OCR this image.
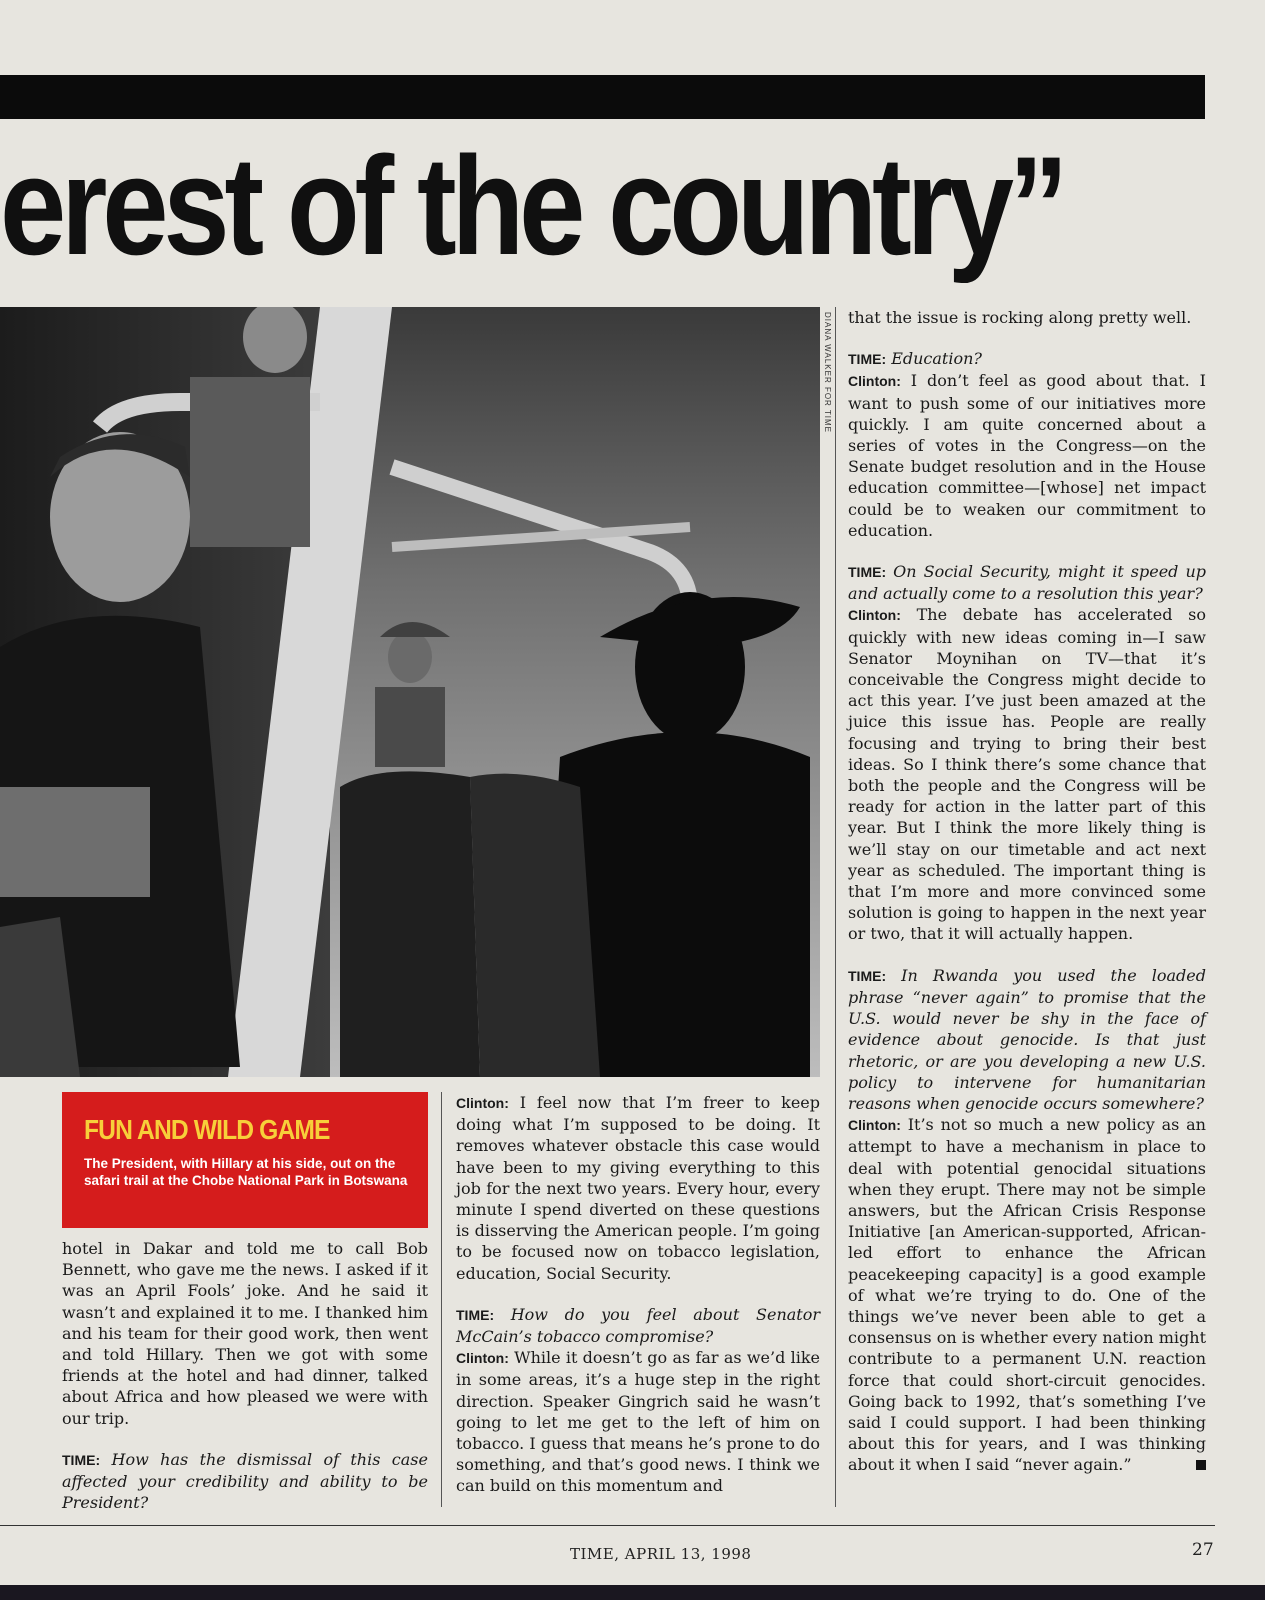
erest of the country”
DIANA WALKER FOR TIME
FUN AND WILD GAME
The President, with Hillary at his side, out on the safari trail at the Chobe National Park in Botswana

hotel in Dakar and told me to call Bob Bennett, who gave me the news. I asked if it was an April Fools’ joke. And he said it wasn’t and explained it to me. I thanked him and his team for their good work, then went and told Hillary. Then we got with some friends at the hotel and had dinner, talked about Africa and how pleased we were with our trip.

TIME: How has the dismissal of this case affected your credibility and ability to be President?

Clinton: I feel now that I’m freer to keep doing what I’m supposed to be doing. It removes whatever obstacle this case would have been to my giving everything to this job for the next two years. Every hour, every minute I spend diverted on these questions is disserving the American people. I’m going to be focused now on tobacco legislation, education, Social Security.

TIME: How do you feel about Senator McCain’s tobacco compromise?

Clinton: While it doesn’t go as far as we’d like in some areas, it’s a huge step in the right direction. Speaker Gingrich said he wasn’t going to let me get to the left of him on tobacco. I guess that means he’s prone to do something, and that’s good news. I think we can build on this momentum and

that the issue is rocking along pretty well.

TIME: Education?

Clinton: I don’t feel as good about that. I want to push some of our initiatives more quickly. I am quite concerned about a series of votes in the Congress—on the Senate budget resolution and in the House education committee—[whose] net impact could be to weaken our commitment to education.

TIME: On Social Security, might it speed up and actually come to a resolution this year?

Clinton: The debate has accelerated so quickly with new ideas coming in—I saw Senator Moynihan on TV—that it’s conceivable the Congress might decide to act this year. I’ve just been amazed at the juice this issue has. People are really focusing and trying to bring their best ideas. So I think there’s some chance that both the people and the Congress will be ready for action in the latter part of this year. But I think the more likely thing is we’ll stay on our timetable and act next year as scheduled. The important thing is that I’m more and more convinced some solution is going to happen in the next year or two, that it will actually happen.

TIME: In Rwanda you used the loaded phrase “never again” to promise that the U.S. would never be shy in the face of evidence about genocide. Is that just rhetoric, or are you developing a new U.S. policy to intervene for humanitarian reasons when genocide occurs somewhere?

Clinton: It’s not so much a new policy as an attempt to have a mechanism in place to deal with potential genocidal situations when they erupt. There may not be simple answers, but the African Crisis Response Initiative [an American-supported, African-led effort to enhance the African peacekeeping capacity] is a good example of what we’re trying to do. One of the things we’ve never been able to get a consensus on is whether every nation might contribute to a permanent U.N. reaction force that could short-circuit genocides. Going back to 1992, that’s something I’ve said I could support. I had been thinking about this for years, and I was thinking about it when I said “never again.”

TIME, APRIL 13, 1998	27
